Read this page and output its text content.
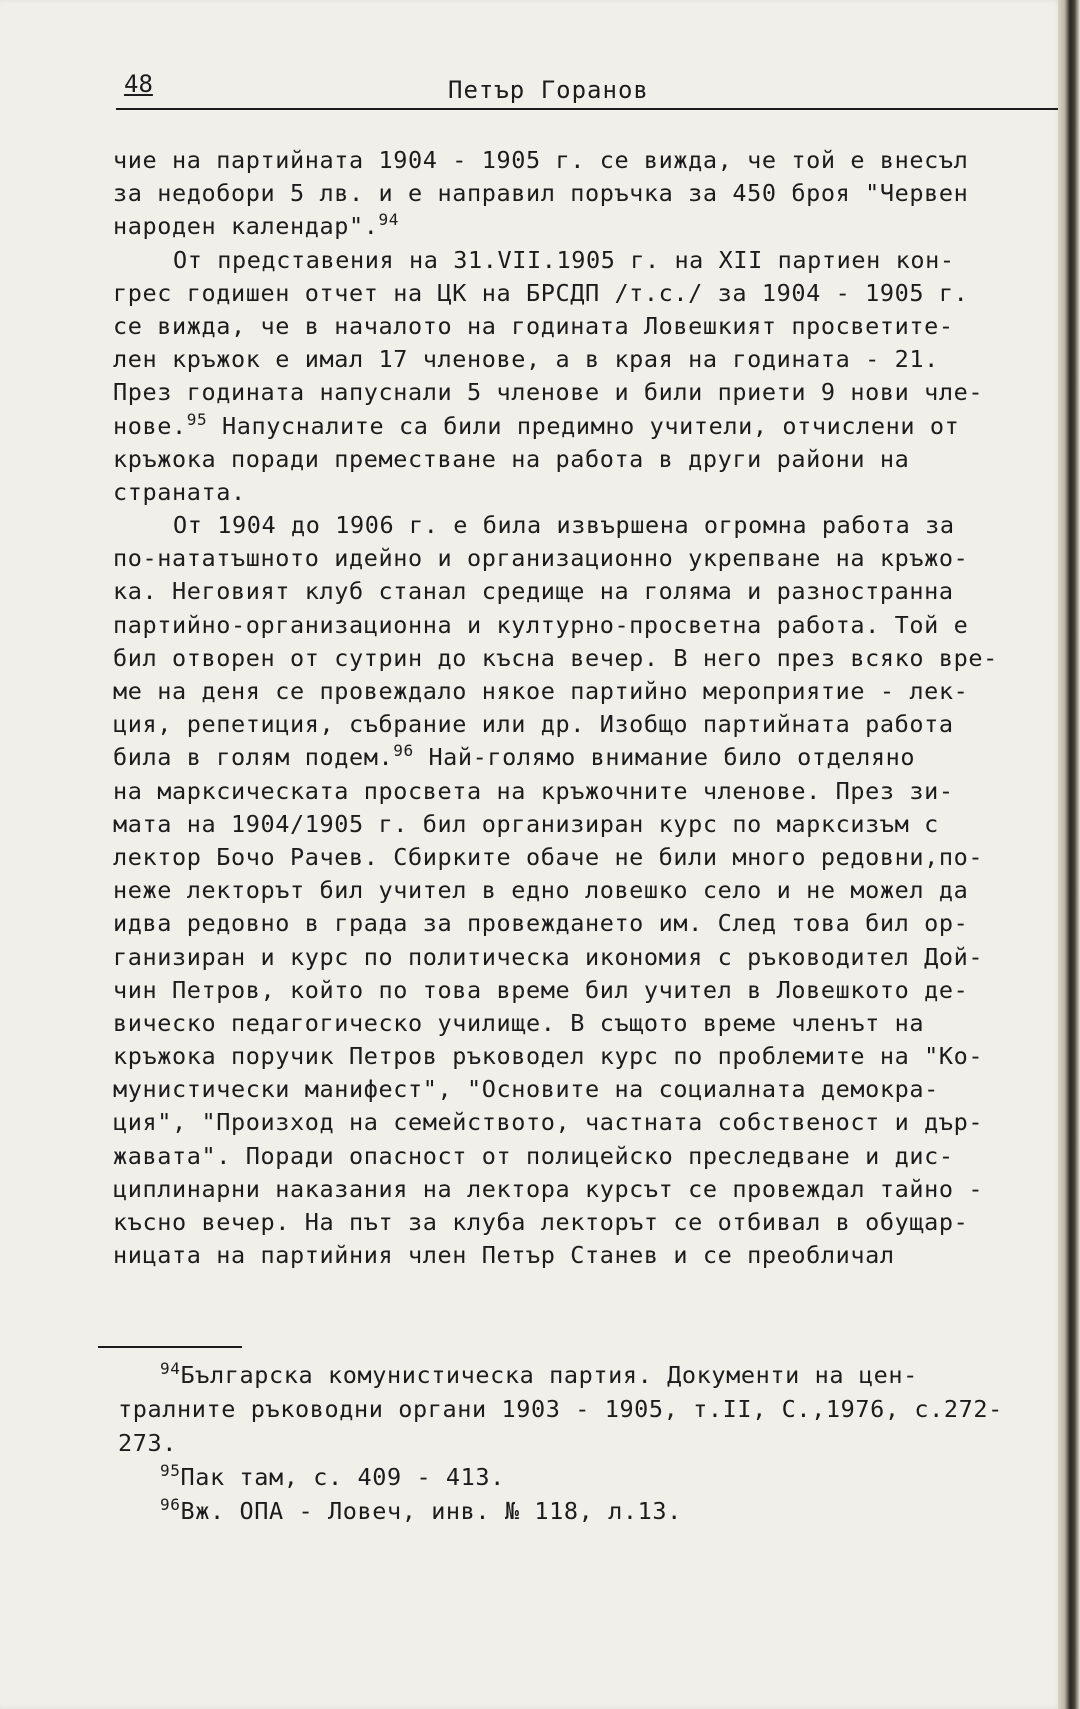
48	Петър Горанов
чие на партийната 1904 - 1905 г. се вижда, че той е внесъл
за недобори 5 лв. и е направил поръчка за 450 броя "Червен
народен календар".$^{94}$
От представения на 31.VII.1905 г. на XII партиен кон-
грес годишен отчет на ЦК на БРСДП /т.с./ за 1904 - 1905 г.
се вижда, че в началото на годината Ловешкият просветите-
лен кръжок е имал 17 членове, а в края на годината - 21.
През годината напуснали 5 членове и били приети 9 нови чле-
нове.$^{95}$ Напусналите са били предимно учители, отчислени от
кръжока поради преместване на работа в други райони на
страната.
От 1904 до 1906 г. е била извършена огромна работа за
по-нататъшното идейно и организационно укрепване на кръжо-
ка. Неговият клуб станал средище на голяма и разностранна
партийно-организационна и културно-просветна работа. Той е
бил отворен от сутрин до късна вечер. В него през всяко вре-
ме на деня се провеждало някое партийно мероприятие - лек-
ция, репетиция, събрание или др. Изобщо партийната работа
била в голям подем.$^{96}$ Най-голямо внимание било отделяно
на марксическата просвета на кръжочните членове. През зи-
мата на 1904/1905 г. бил организиран курс по марксизъм с
лектор Бочо Рачев. Сбирките обаче не били много редовни,по-
неже лекторът бил учител в едно ловешко село и не можел да
идва редовно в града за провеждането им. След това бил ор-
ганизиран и курс по политическа икономия с ръководител Дой-
чин Петров, който по това време бил учител в Ловешкото де-
вическо педагогическо училище. В същото време членът на
кръжока поручик Петров ръководел курс по проблемите на "Ко-
мунистически манифест", "Основите на социалната демокра-
ция", "Произход на семейството, частната собственост и дър-
жавата". Поради опасност от полицейско преследване и дис-
циплинарни наказания на лектора курсът се провеждал тайно -
късно вечер. На път за клуба лекторът се отбивал в обущар-
ницата на партийния член Петър Станев и се преобличал
$^{94}$Българска комунистическа партия. Документи на цен-
тралните ръководни органи 1903 - 1905, т.II, С.,1976, с.272-
273.
$^{95}$Пак там, с. 409 - 413.
$^{96}$Вж. ОПА - Ловеч, инв. № 118, л.13.
